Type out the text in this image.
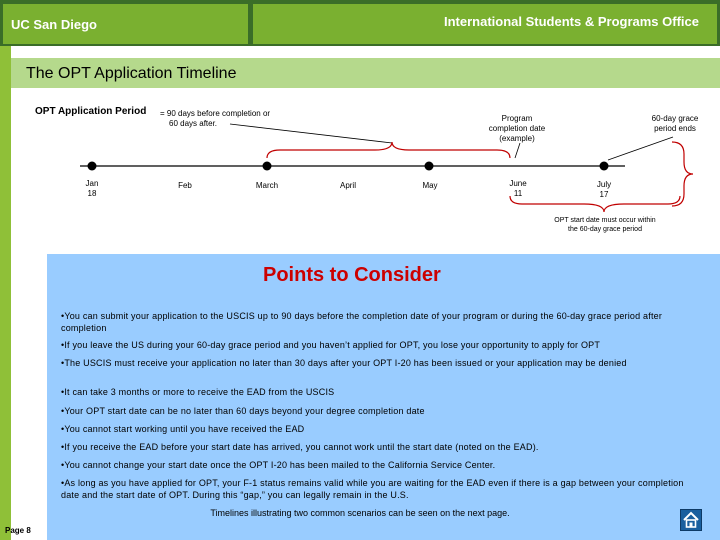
UC San Diego	International Students & Programs Office
The OPT Application Timeline
OPT Application Period = 90 days before completion or
60 days after.
Program
completion date
(example)
60-day grace
period ends
Jan
18
Feb	March	April	May	June
11
July
17
OPT start date must occur within
the 60-day grace period
Points to Consider
•You can submit your application to the USCIS up to 90 days before the completion date of your program or during the 60-day grace period after completion
•If you leave the US during your 60-day grace period and you haven’t applied for OPT, you lose your opportunity to apply for OPT
•The USCIS must receive your application no later than 30 days after your OPT I-20 has been issued or your application may be denied
•It can take 3 months or more to receive the EAD from the USCIS
•Your OPT start date can be no later than 60 days beyond your degree completion date
•You cannot start working until you have received the EAD
•If you receive the EAD before your start date has arrived, you cannot work until the start date (noted on the EAD).
•You cannot change your start date once the OPT I-20 has been mailed to the California Service Center.
•As long as you have applied for OPT, your F-1 status remains valid while you are waiting for the EAD even if there is a gap between your completion date and the start date of OPT. During this “gap,” you can legally remain in the U.S.
Timelines illustrating two common scenarios can be seen on the next page.
Page 8
